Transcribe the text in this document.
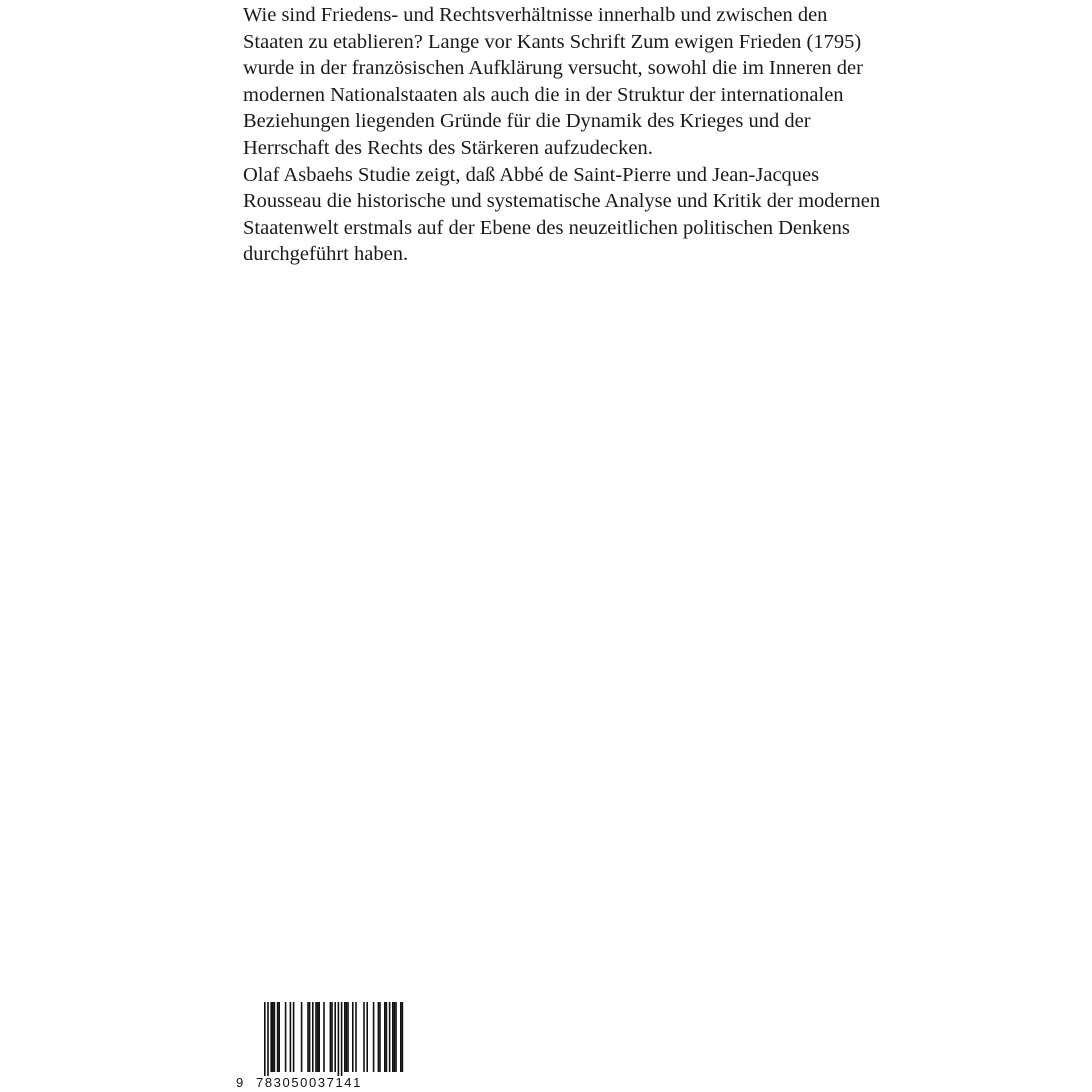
Wie sind Friedens- und Rechtsverhältnisse innerhalb und zwischen den

Staaten zu etablieren? Lange vor Kants Schrift Zum ewigen Frieden (1795)

wurde in der französischen Aufklärung versucht, sowohl die im Inneren der

modernen Nationalstaaten als auch die in der Struktur der internationalen

Beziehungen liegenden Gründe für die Dynamik des Krieges und der

Herrschaft des Rechts des Stärkeren aufzudecken.

Olaf Asbaehs Studie zeigt, daß Abbé de Saint-Pierre und Jean-Jacques

Rousseau die historische und systematische Analyse und Kritik der modernen

Staatenwelt erstmals auf der Ebene des neuzeitlichen politischen Denkens

durchgeführt haben.

9 783050037141
